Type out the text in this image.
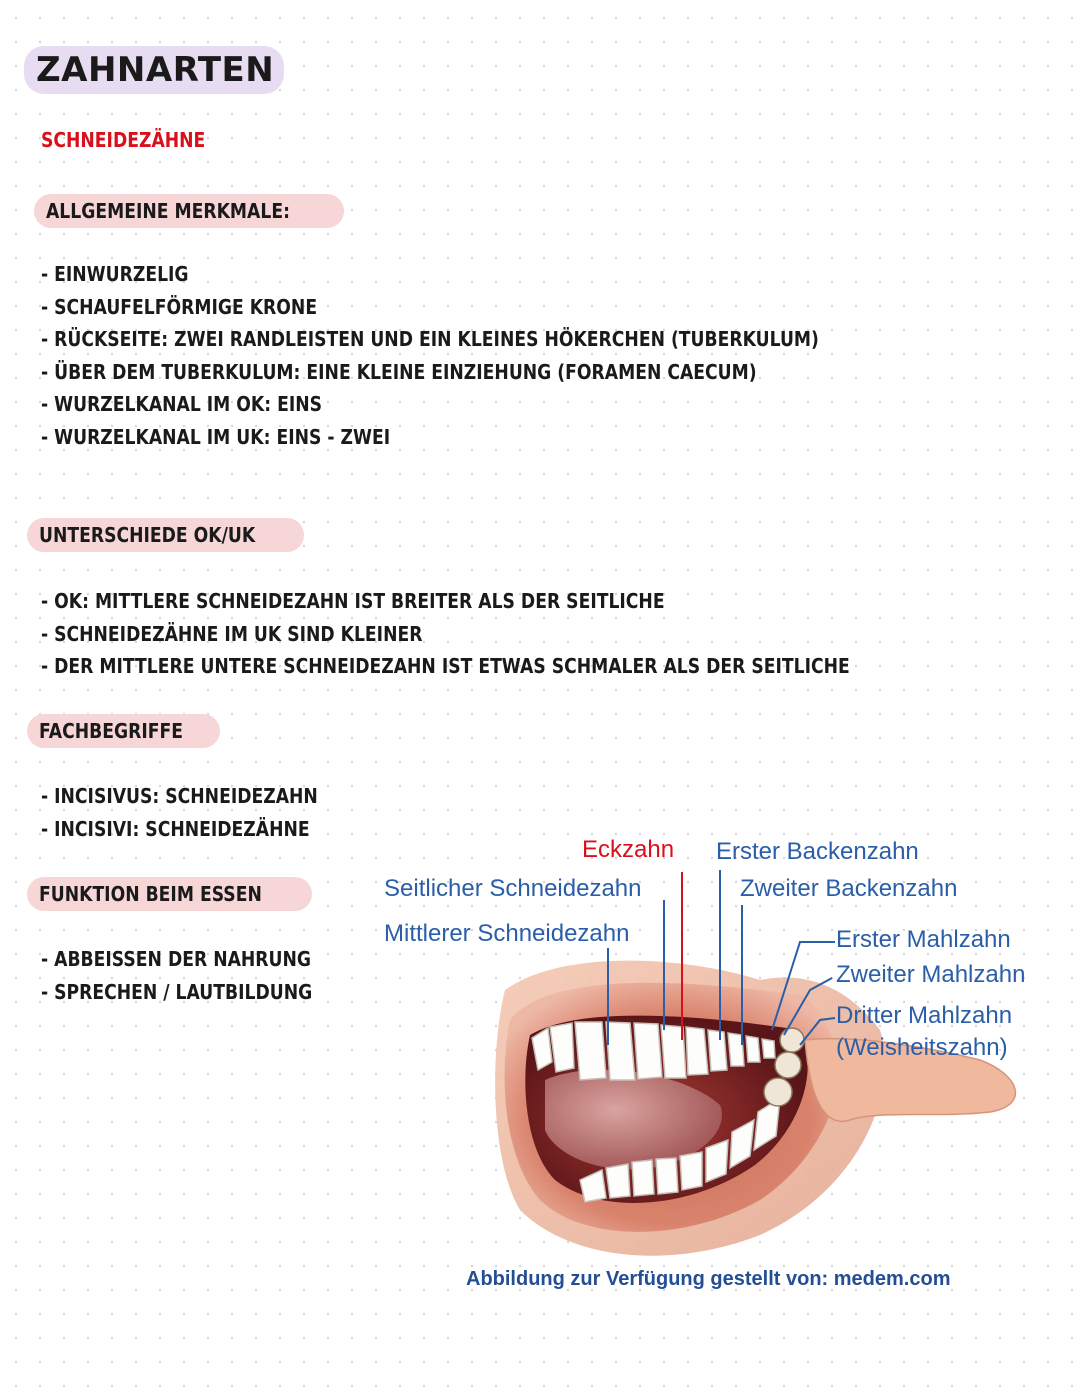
ZAHNARTEN
SCHNEIDEZÄHNE
ALLGEMEINE MERKMALE:
- EINWURZELIG
- SCHAUFELFÖRMIGE KRONE
- RÜCKSEITE: ZWEI RANDLEISTEN UND EIN KLEINES HÖKERCHEN (TUBERKULUM)
- ÜBER DEM TUBERKULUM: EINE KLEINE EINZIEHUNG (FORAMEN CAECUM)
- WURZELKANAL IM OK: EINS
- WURZELKANAL IM UK: EINS - ZWEI
UNTERSCHIEDE OK/UK
- OK: MITTLERE SCHNEIDEZAHN IST BREITER ALS DER SEITLICHE
- SCHNEIDEZÄHNE IM UK SIND KLEINER
- DER MITTLERE UNTERE SCHNEIDEZAHN IST ETWAS SCHMALER ALS DER SEITLICHE
FACHBEGRIFFE
- INCISIVUS: SCHNEIDEZAHN
- INCISIVI: SCHNEIDEZÄHNE
FUNKTION BEIM ESSEN
- ABBEISSEN DER NAHRUNG
- SPRECHEN / LAUTBILDUNG
Eckzahn Erster Backenzahn
Seitlicher Schneidezahn	Zweiter Backenzahn
Mittlerer Schneidezahn	Erster Mahlzahn
Zweiter Mahlzahn
Dritter Mahlzahn
(Weisheitszahn)
Abbildung zur Verfügung gestellt von: medem.com
